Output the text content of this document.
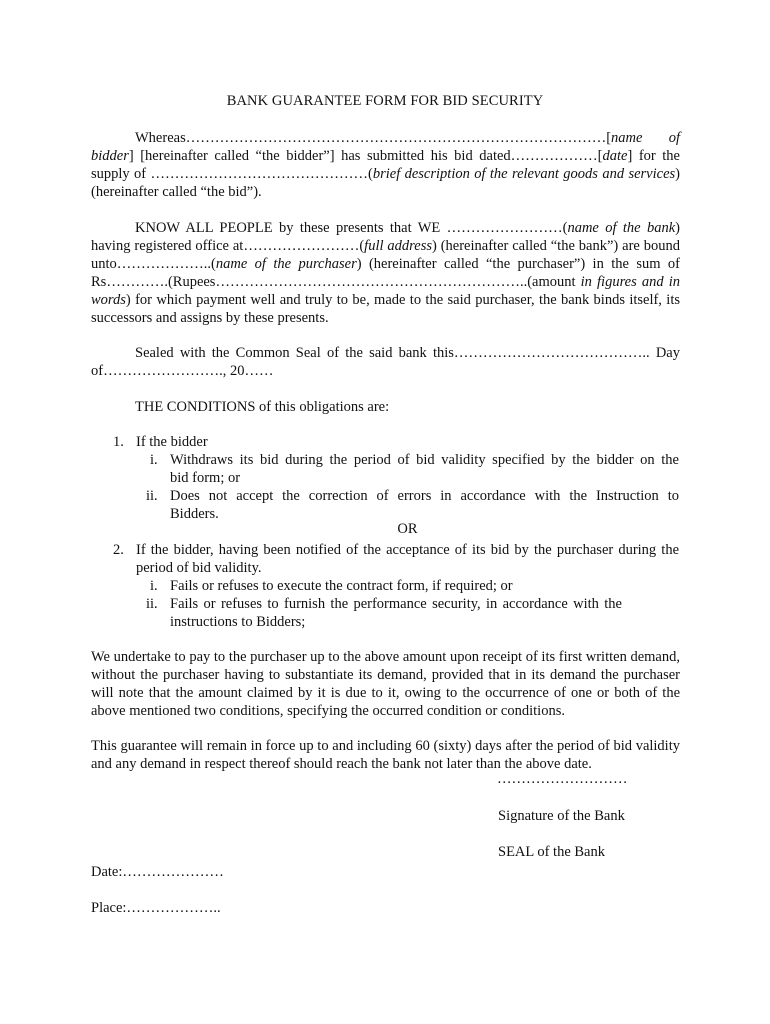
BANK GUARANTEE FORM FOR BID SECURITY

Whereas……………………………………………………………………………[name of bidder] [hereinafter called “the bidder”] has submitted his bid dated………………[date] for the supply of ………………………………………(brief description of the relevant goods and services) (hereinafter called “the bid”).

KNOW ALL PEOPLE by these presents that WE ……………………(name of the bank) having registered office at……………………(full address) (hereinafter called “the bank”) are bound unto………………..(name of the purchaser) (hereinafter called “the purchaser”) in the sum of Rs………….(Rupees………………………………………………………..(amount in figures and in words) for which payment well and truly to be, made to the said purchaser, the bank binds itself, its successors and assigns by these presents.

Sealed with the Common Seal of the said bank this………………………………….. Day of……………………., 20……

THE CONDITIONS of this obligations are:

1. If the bidder
i. Withdraws its bid during the period of bid validity specified by the bidder on the
bid form; or
ii. Does not accept the correction of errors in accordance with the Instruction to
Bidders.
OR
2. If the bidder, having been notified of the acceptance of its bid by the purchaser during the
period of bid validity.
i. Fails or refuses to execute the contract form, if required; or
ii. Fails or refuses to furnish the performance security, in accordance with the
instructions to Bidders;

We undertake to pay to the purchaser up to the above amount upon receipt of its first written demand, without the purchaser having to substantiate its demand, provided that in its demand the purchaser will note that the amount claimed by it is due to it, owing to the occurrence of one or both of the above mentioned two conditions, specifying the occurred condition or conditions.

This guarantee will remain in force up to and including 60 (sixty) days after the period of bid validity and any demand in respect thereof should reach the bank not later than the above date.

………………………
Signature of the Bank
SEAL of the Bank
Date:…………………
Place:………………..
